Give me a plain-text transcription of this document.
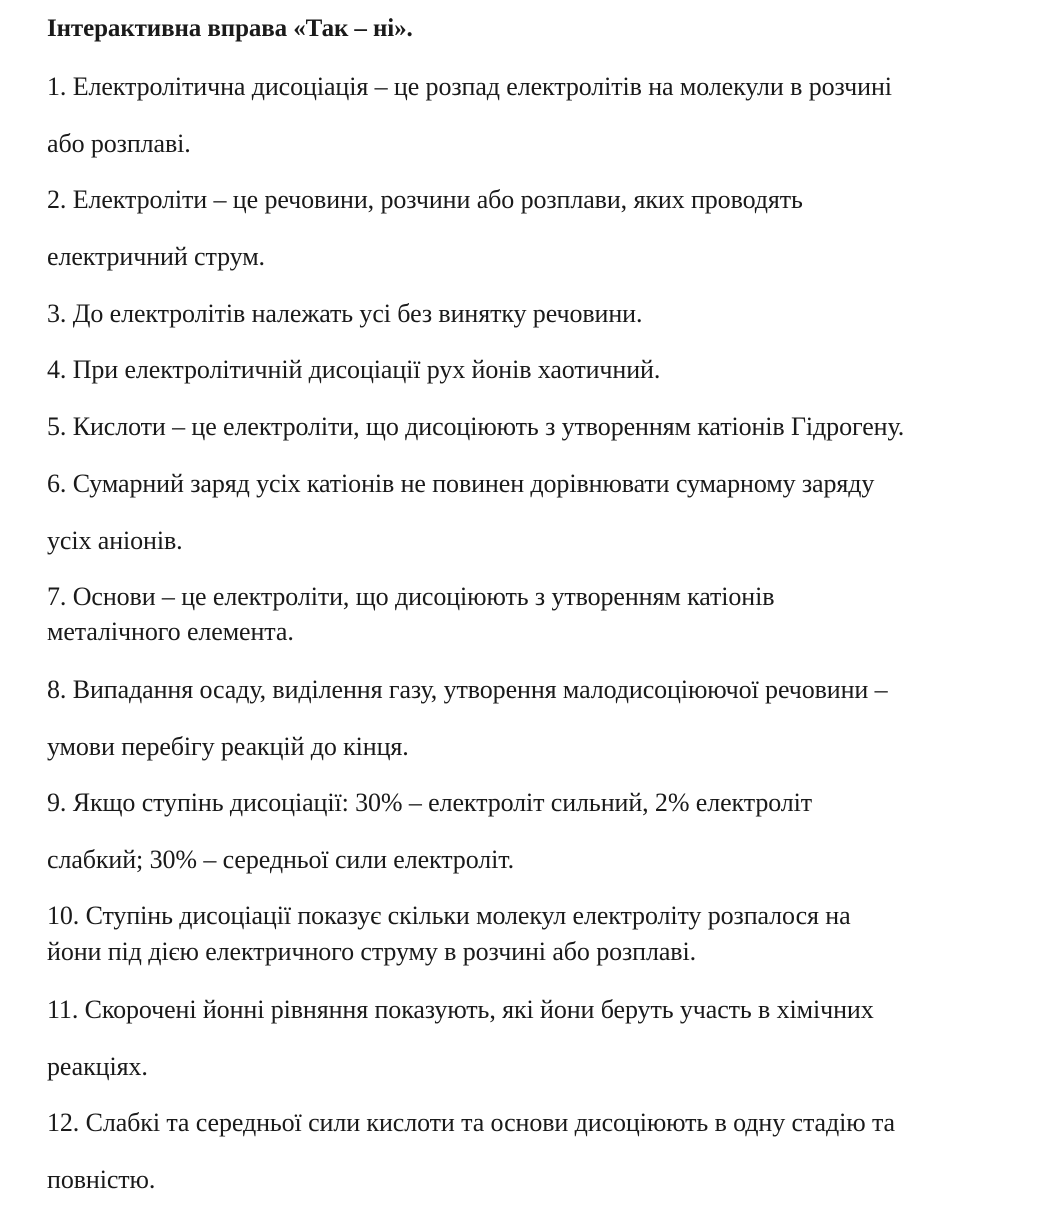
Інтерактивна вправа «Так – ні».

1. Електролітична дисоціація – це розпад електролітів на молекули в розчині

або розплаві.

2. Електроліти – це речовини, розчини або розплави, яких проводять

електричний струм.

3. До електролітів належать усі без винятку речовини.

4. При електролітичній дисоціації рух йонів хаотичний.

5. Кислоти – це електроліти, що дисоціюють з утворенням катіонів Гідрогену.

6. Сумарний заряд усіх катіонів не повинен дорівнювати сумарному заряду

усіх аніонів.

7. Основи – це електроліти, що дисоціюють з утворенням катіонів

металічного елемента.

8. Випадання осаду, виділення газу, утворення малодисоціюючої речовини –

умови перебігу реакцій до кінця.

9. Якщо ступінь дисоціації: 30% – електроліт сильний, 2% електроліт

слабкий; 30% – середньої сили електроліт.

10. Ступінь дисоціації показує скільки молекул електроліту розпалося на

йони під дією електричного струму в розчині або розплаві.

11. Скорочені йонні рівняння показують, які йони беруть участь в хімічних

реакціях.

12. Слабкі та середньої сили кислоти та основи дисоціюють в одну стадію та

повністю.
